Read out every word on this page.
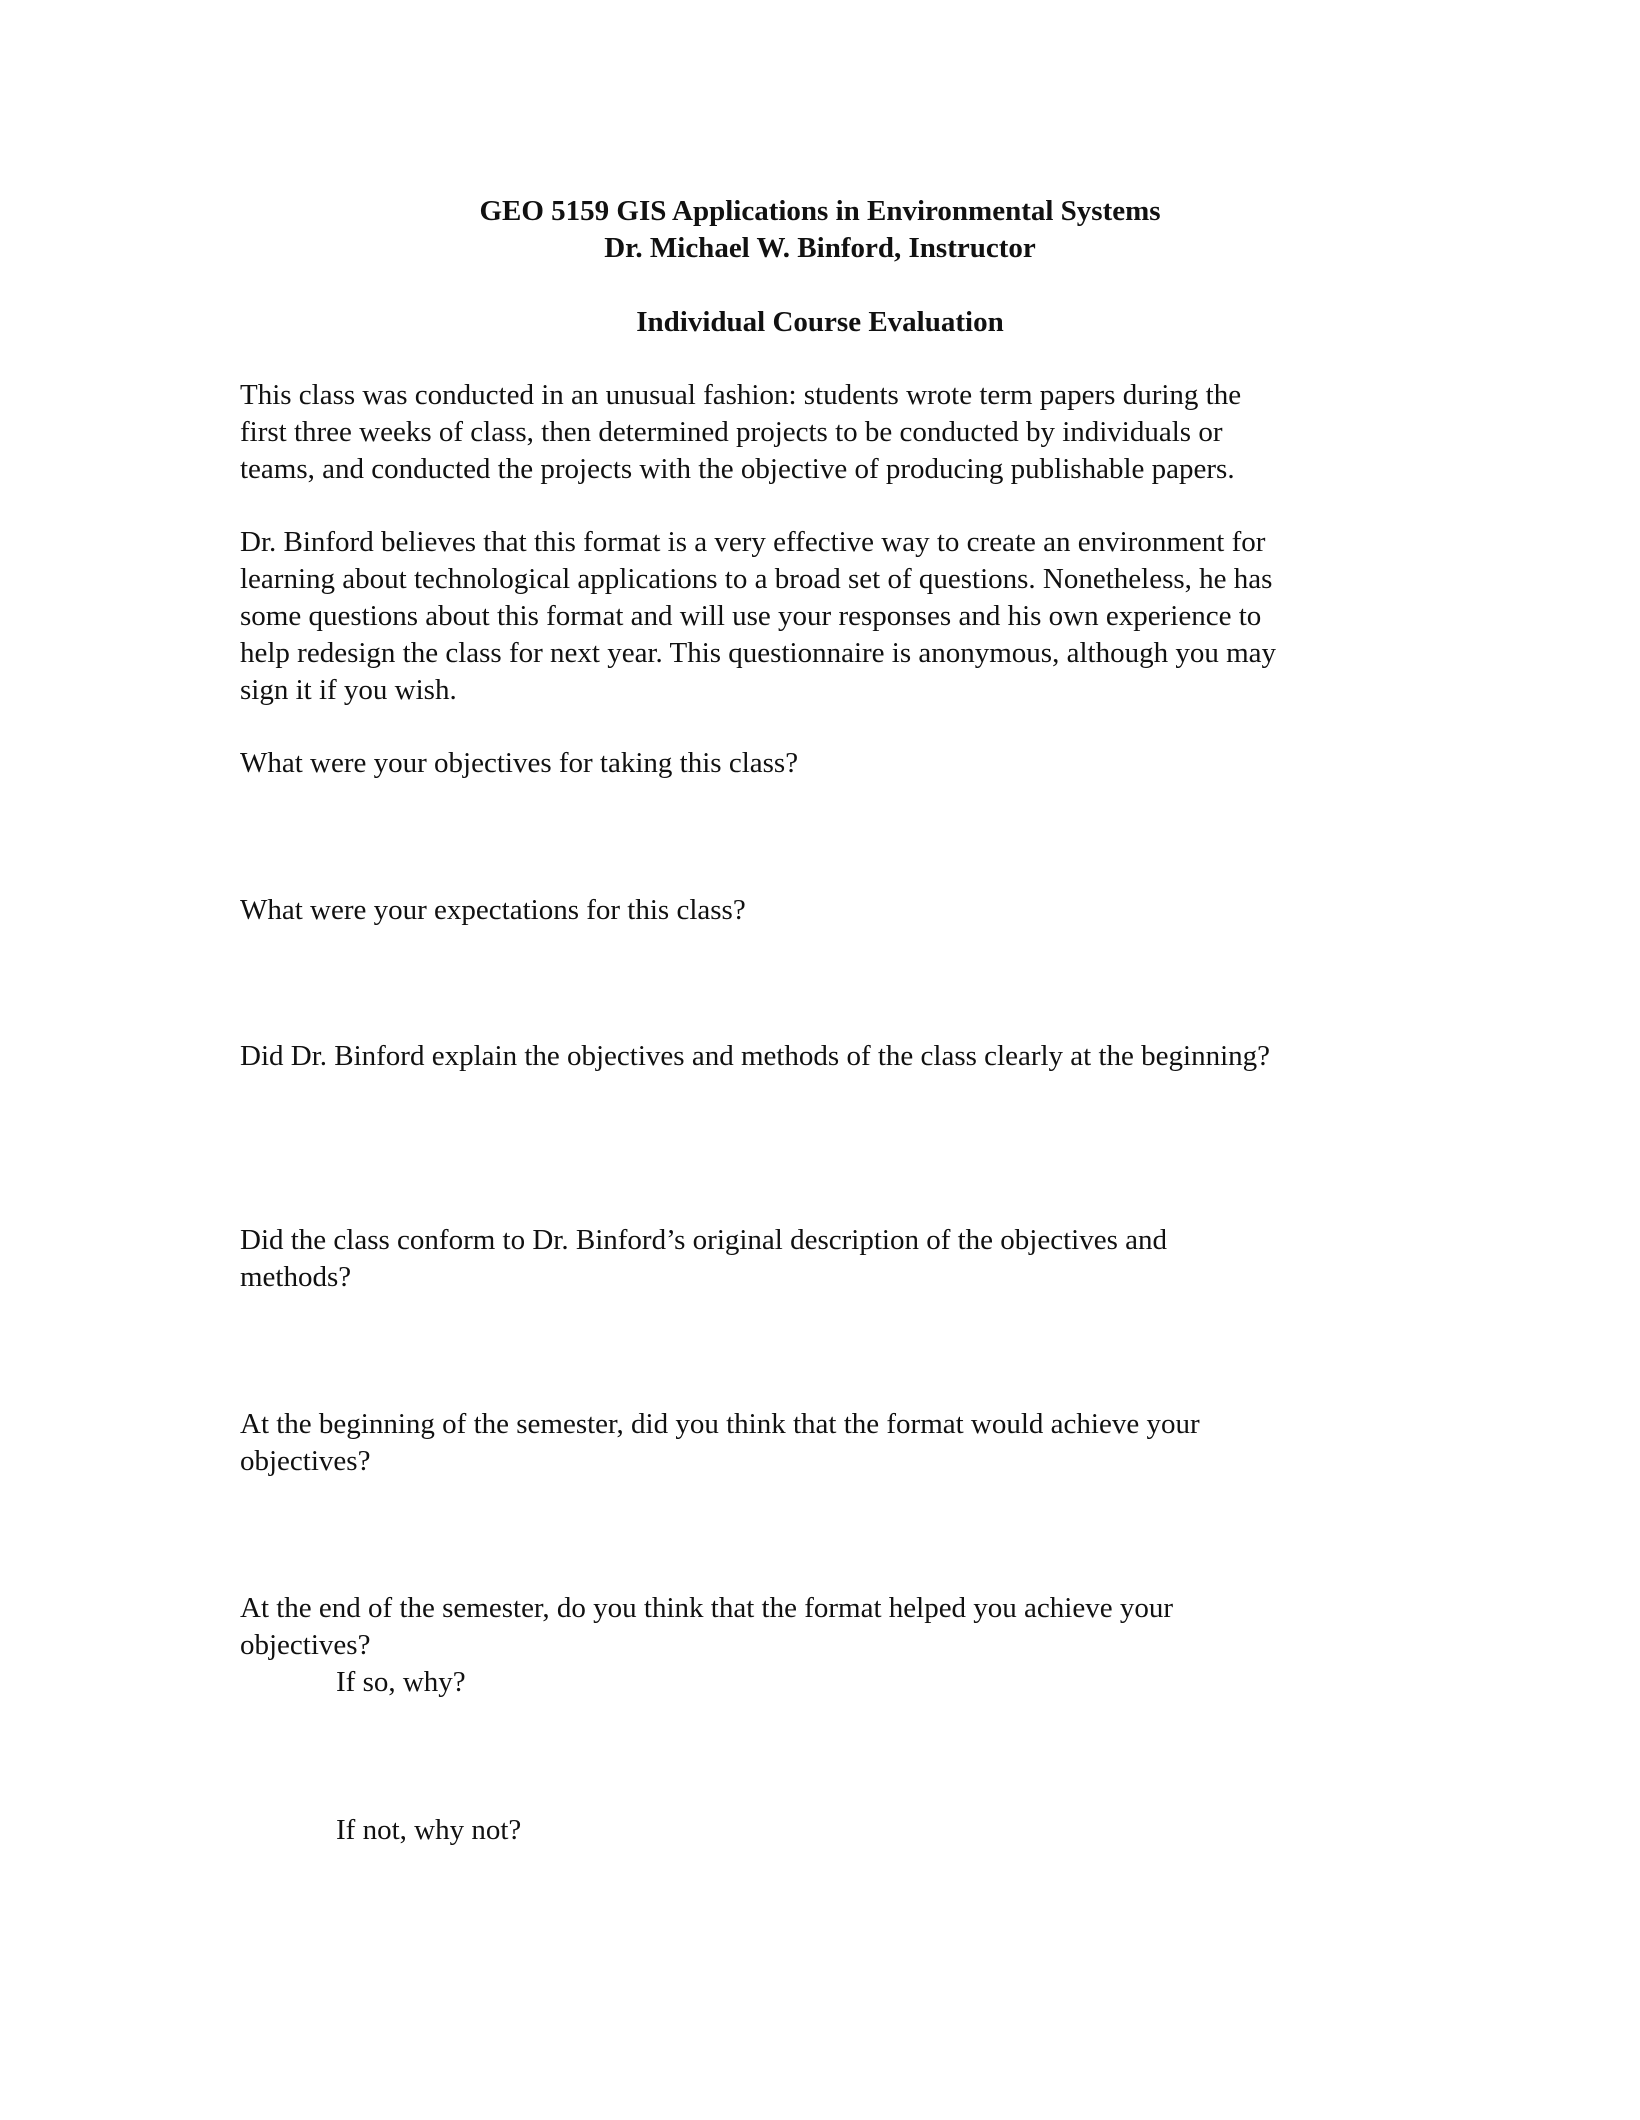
GEO 5159 GIS Applications in Environmental Systems
Dr. Michael W. Binford, Instructor
Individual Course Evaluation
This class was conducted in an unusual fashion: students wrote term papers during the
first three weeks of class, then determined projects to be conducted by individuals or
teams, and conducted the projects with the objective of producing publishable papers.
Dr. Binford believes that this format is a very effective way to create an environment for
learning about technological applications to a broad set of questions. Nonetheless, he has
some questions about this format and will use your responses and his own experience to
help redesign the class for next year. This questionnaire is anonymous, although you may
sign it if you wish.
What were your objectives for taking this class?
What were your expectations for this class?
Did Dr. Binford explain the objectives and methods of the class clearly at the beginning?
Did the class conform to Dr. Binford’s original description of the objectives and
methods?
At the beginning of the semester, did you think that the format would achieve your
objectives?
At the end of the semester, do you think that the format helped you achieve your
objectives?
If so, why?
If not, why not?
